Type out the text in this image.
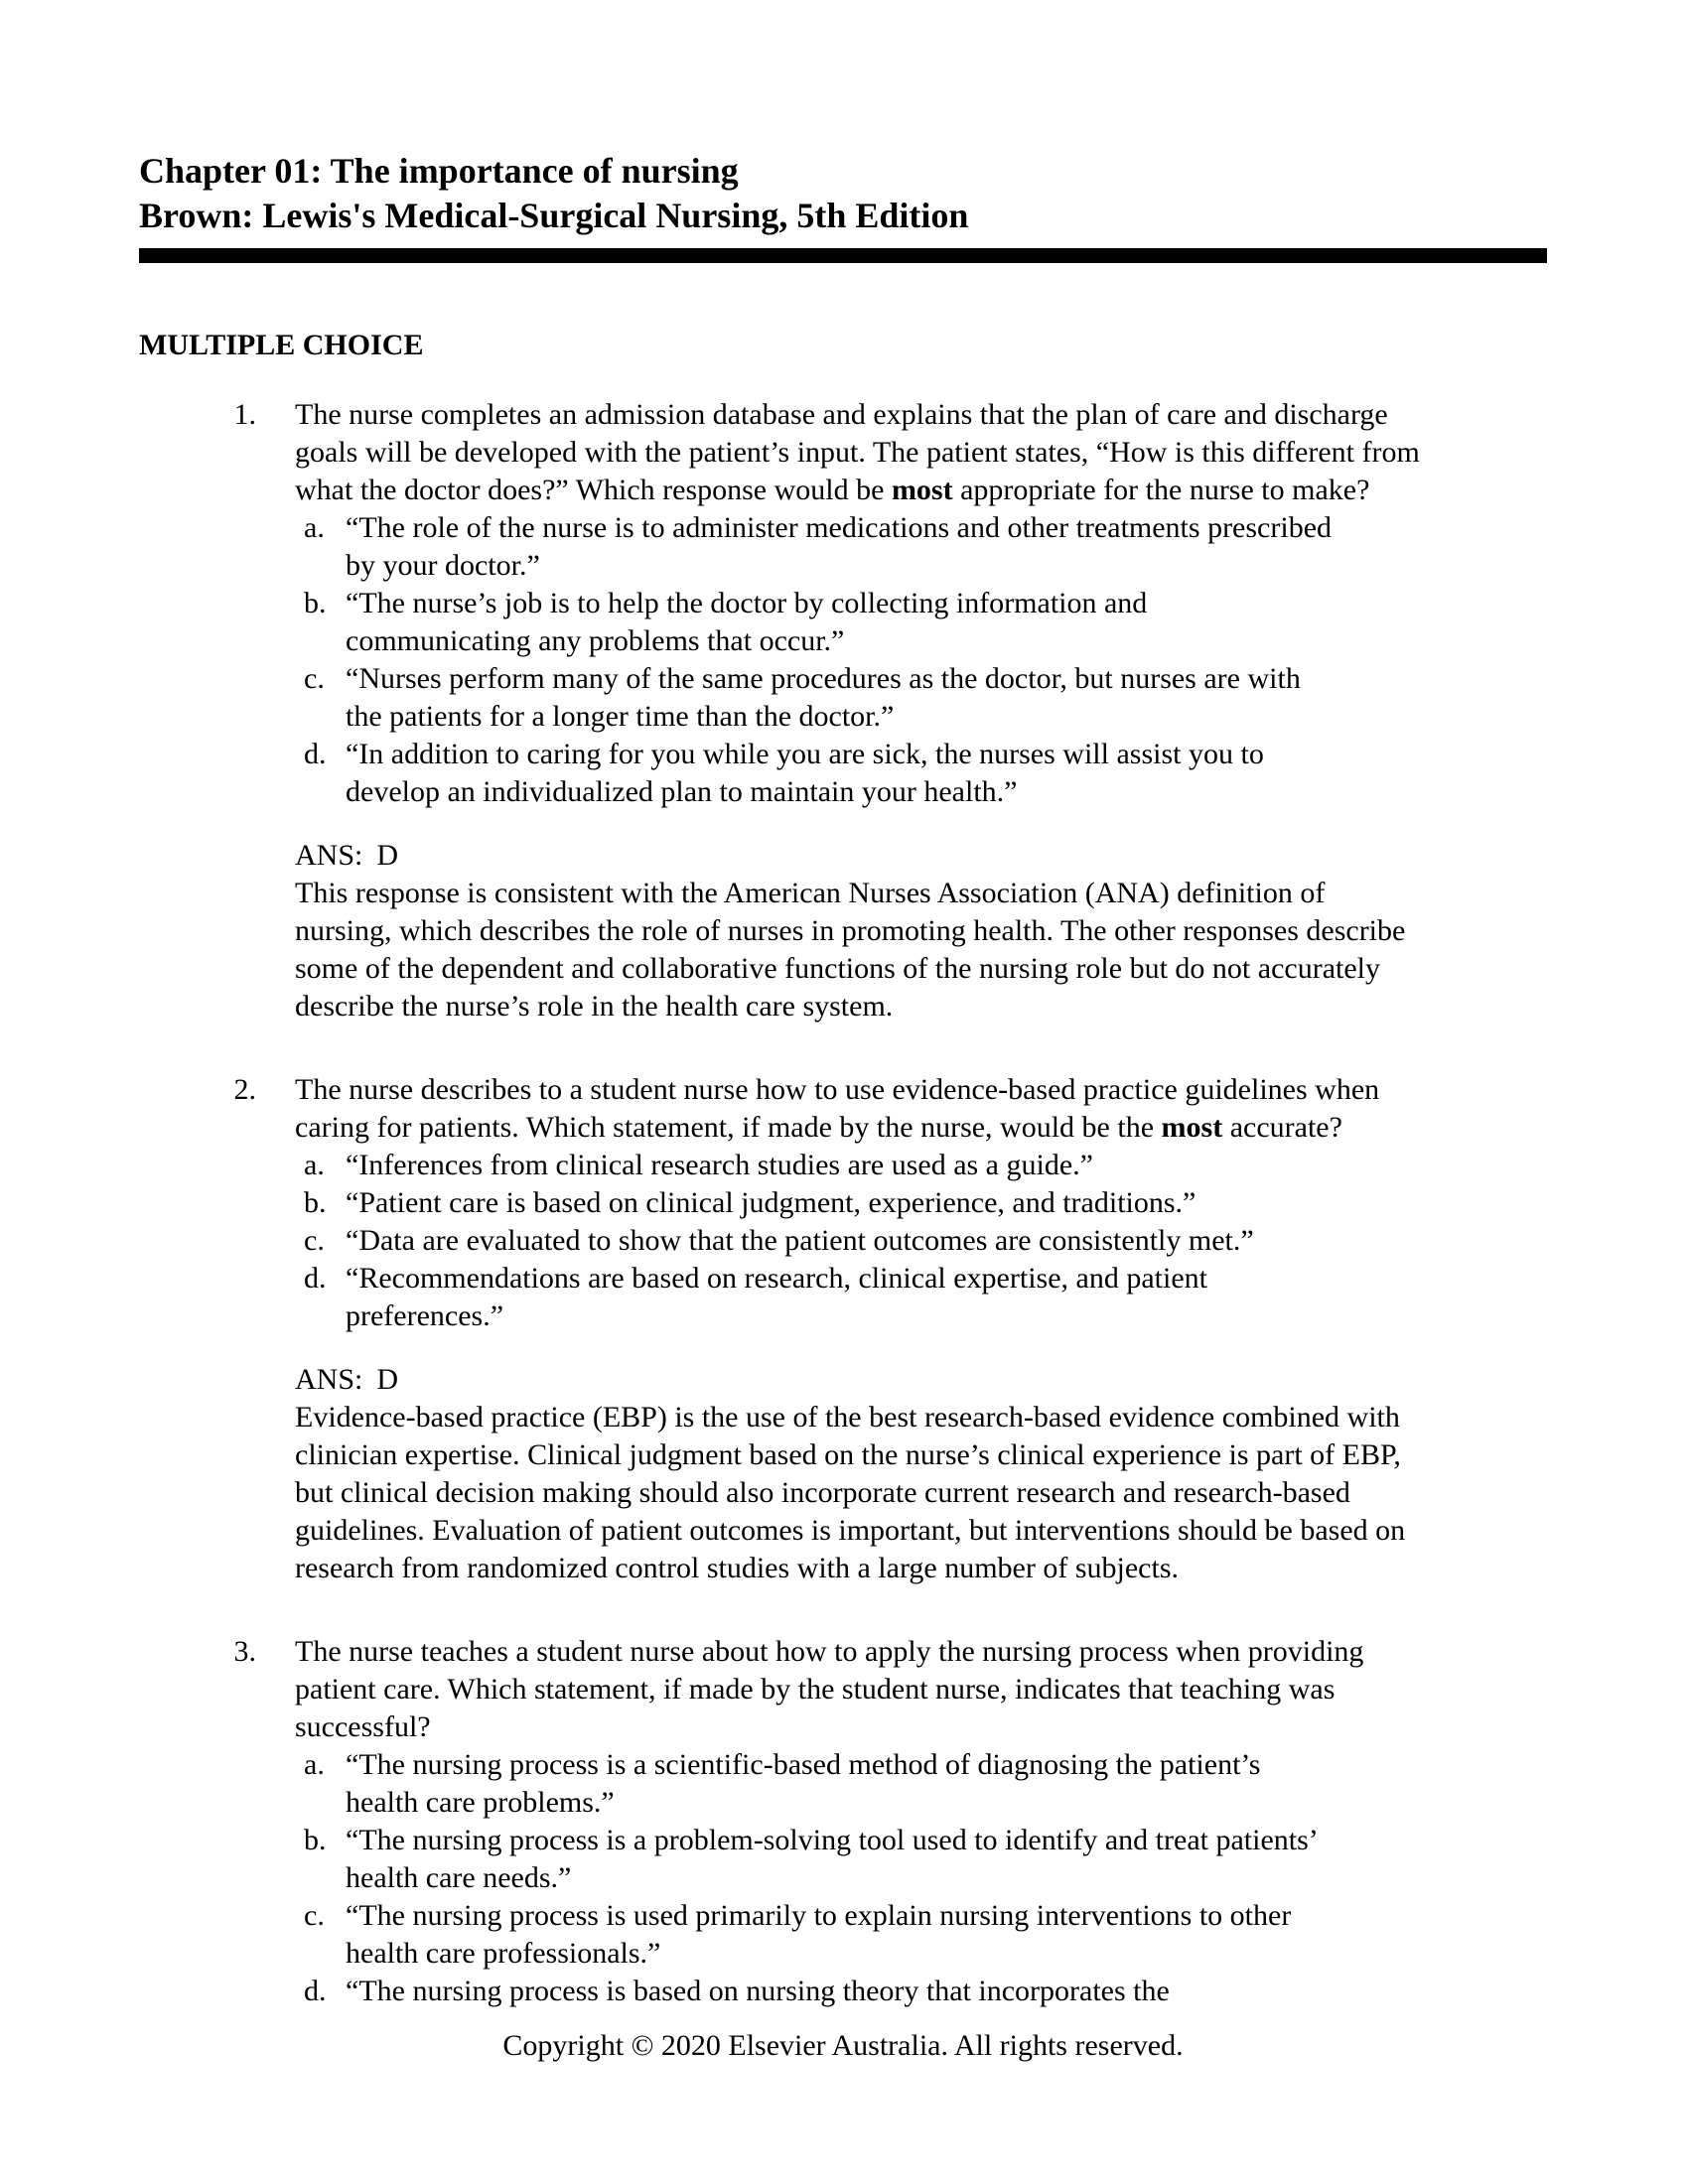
Chapter 01: The importance of nursing
Brown: Lewis's Medical-Surgical Nursing, 5th Edition
MULTIPLE CHOICE
1.	The nurse completes an admission database and explains that the plan of care and discharge
goals will be developed with the patient’s input. The patient states, “How is this different from
what the doctor does?” Which response would be most appropriate for the nurse to make?
a. “The role of the nurse is to administer medications and other treatments prescribed
by your doctor.”
b. “The nurse’s job is to help the doctor by collecting information and
communicating any problems that occur.”
c. “Nurses perform many of the same procedures as the doctor, but nurses are with
the patients for a longer time than the doctor.”
d. “In addition to caring for you while you are sick, the nurses will assist you to
develop an individualized plan to maintain your health.”
ANS: D
This response is consistent with the American Nurses Association (ANA) definition of
nursing, which describes the role of nurses in promoting health. The other responses describe
some of the dependent and collaborative functions of the nursing role but do not accurately
describe the nurse’s role in the health care system.
2.	The nurse describes to a student nurse how to use evidence-based practice guidelines when
caring for patients. Which statement, if made by the nurse, would be the most accurate?
a. “Inferences from clinical research studies are used as a guide.”
b. “Patient care is based on clinical judgment, experience, and traditions.”
c. “Data are evaluated to show that the patient outcomes are consistently met.”
d. “Recommendations are based on research, clinical expertise, and patient
preferences.”
ANS: D
Evidence-based practice (EBP) is the use of the best research-based evidence combined with
clinician expertise. Clinical judgment based on the nurse’s clinical experience is part of EBP,
but clinical decision making should also incorporate current research and research-based
guidelines. Evaluation of patient outcomes is important, but interventions should be based on
research from randomized control studies with a large number of subjects.
3.	The nurse teaches a student nurse about how to apply the nursing process when providing
patient care. Which statement, if made by the student nurse, indicates that teaching was
successful?
a. “The nursing process is a scientific-based method of diagnosing the patient’s
health care problems.”
b. “The nursing process is a problem-solving tool used to identify and treat patients’
health care needs.”
c. “The nursing process is used primarily to explain nursing interventions to other
health care professionals.”
d. “The nursing process is based on nursing theory that incorporates the
Copyright © 2020 Elsevier Australia. All rights reserved.
